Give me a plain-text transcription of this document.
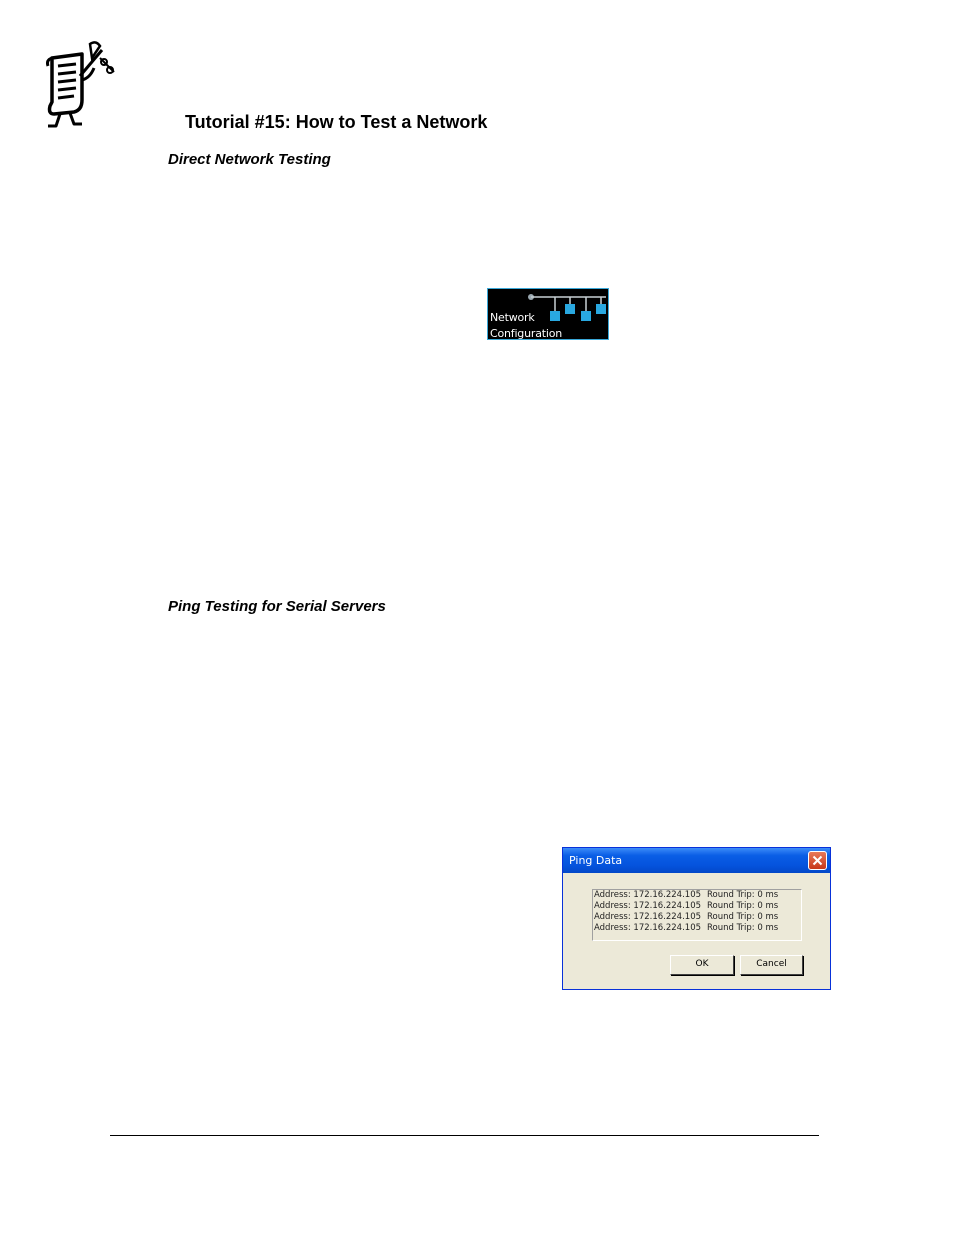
Tutorial #15: How to Test a Network
Direct Network Testing
Network
Configuration
Ping Testing for Serial Servers
Ping Data
Address: 172.16.224.105 Round Trip: 0 ms
Address: 172.16.224.105 Round Trip: 0 ms
Address: 172.16.224.105 Round Trip: 0 ms
Address: 172.16.224.105 Round Trip: 0 ms
OK	Cancel
